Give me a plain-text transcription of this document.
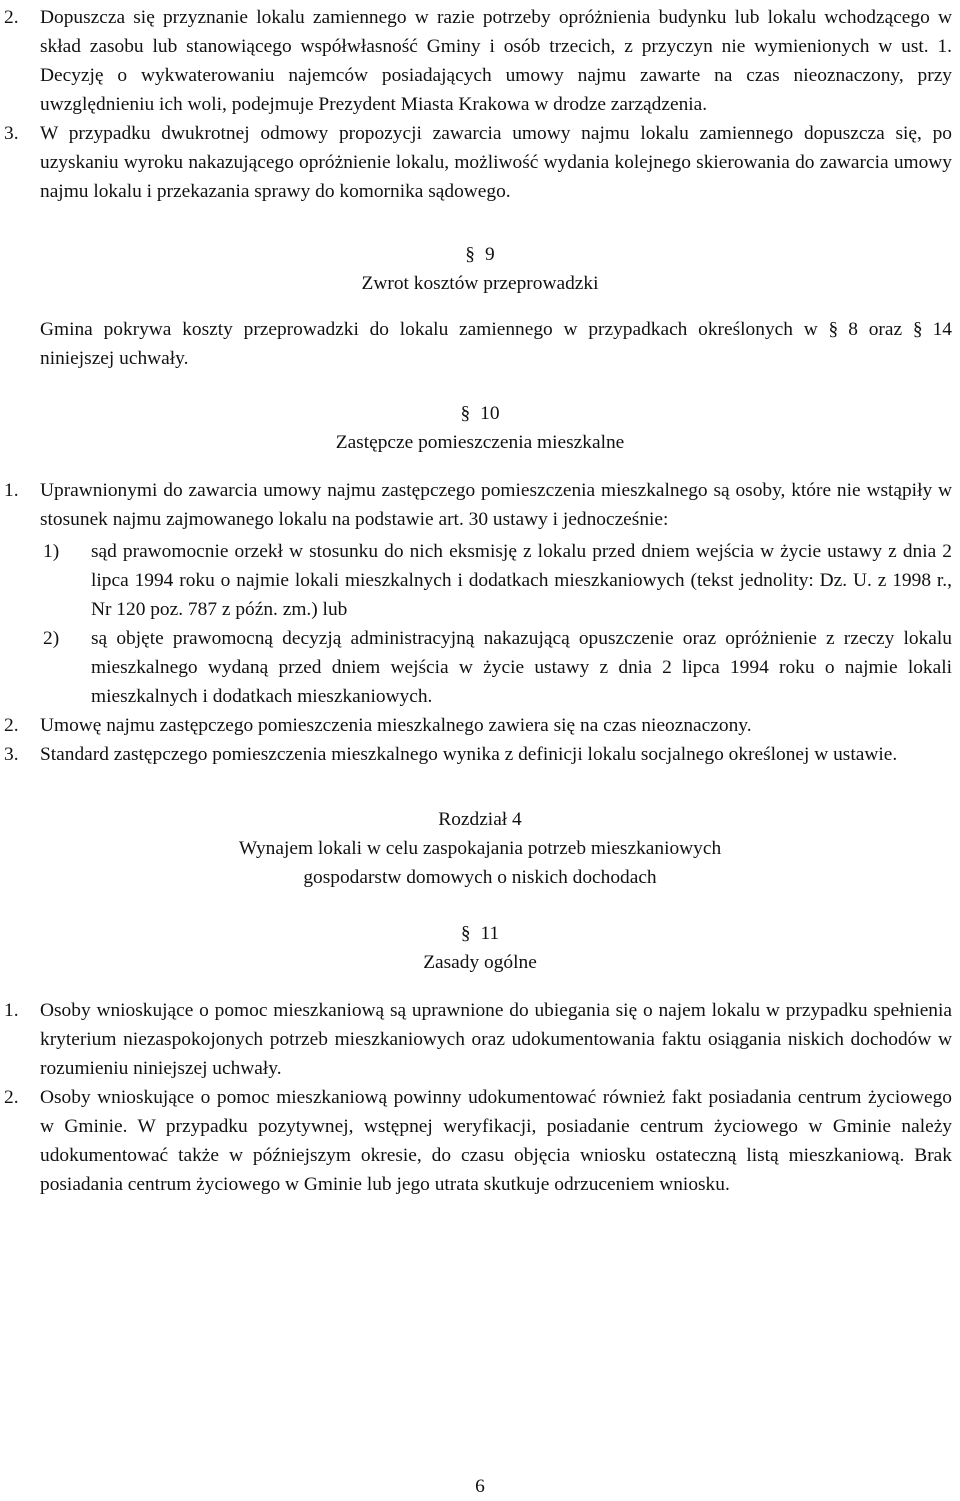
2. Dopuszcza się przyznanie lokalu zamiennego w razie potrzeby opróżnienia budynku lub lokalu wchodzącego w skład zasobu lub stanowiącego współwłasność Gminy i osób trzecich, z przyczyn nie wymienionych w ust. 1. Decyzję o wykwaterowaniu najemców posiadających umowy najmu zawarte na czas nieoznaczony, przy uwzględnieniu ich woli, podejmuje Prezydent Miasta Krakowa w drodze zarządzenia.

3. W przypadku dwukrotnej odmowy propozycji zawarcia umowy najmu lokalu zamiennego dopuszcza się, po uzyskaniu wyroku nakazującego opróżnienie lokalu, możliwość wydania kolejnego skierowania do zawarcia umowy najmu lokalu i przekazania sprawy do komornika sądowego.

§ 9

Zwrot kosztów przeprowadzki

Gmina pokrywa koszty przeprowadzki do lokalu zamiennego w przypadkach określonych w § 8 oraz § 14 niniejszej uchwały.

§ 10

Zastępcze pomieszczenia mieszkalne

1. Uprawnionymi do zawarcia umowy najmu zastępczego pomieszczenia mieszkalnego są osoby, które nie wstąpiły w stosunek najmu zajmowanego lokalu na podstawie art. 30 ustawy i jednocześnie:

1) sąd prawomocnie orzekł w stosunku do nich eksmisję z lokalu przed dniem wejścia w życie ustawy z dnia 2 lipca 1994 roku o najmie lokali mieszkalnych i dodatkach mieszkaniowych (tekst jednolity: Dz. U. z 1998 r., Nr 120 poz. 787 z późn. zm.) lub

2) są objęte prawomocną decyzją administracyjną nakazującą opuszczenie oraz opróżnienie z rzeczy lokalu mieszkalnego wydaną przed dniem wejścia w życie ustawy z dnia 2 lipca 1994 roku o najmie lokali mieszkalnych i dodatkach mieszkaniowych.

2. Umowę najmu zastępczego pomieszczenia mieszkalnego zawiera się na czas nieoznaczony.

3. Standard zastępczego pomieszczenia mieszkalnego wynika z definicji lokalu socjalnego określonej w ustawie.

Rozdział 4

Wynajem lokali w celu zaspokajania potrzeb mieszkaniowych

gospodarstw domowych o niskich dochodach

§ 11

Zasady ogólne

1. Osoby wnioskujące o pomoc mieszkaniową są uprawnione do ubiegania się o najem lokalu w przypadku spełnienia kryterium niezaspokojonych potrzeb mieszkaniowych oraz udokumentowania faktu osiągania niskich dochodów w rozumieniu niniejszej uchwały.

2. Osoby wnioskujące o pomoc mieszkaniową powinny udokumentować również fakt posiadania centrum życiowego w Gminie. W przypadku pozytywnej, wstępnej weryfikacji, posiadanie centrum życiowego w Gminie należy udokumentować także w późniejszym okresie, do czasu objęcia wniosku ostateczną listą mieszkaniową. Brak posiadania centrum życiowego w Gminie lub jego utrata skutkuje odrzuceniem wniosku.

6
